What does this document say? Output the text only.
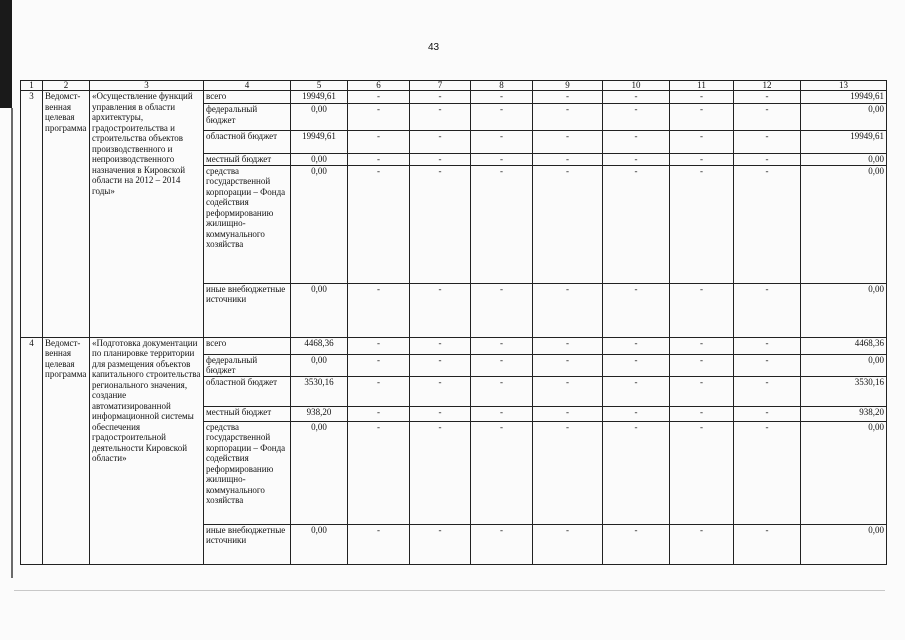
43
1	2	3	4	5	6	7	8	9	10	11	12	13
3	Ведомст-венная целевая программа	«Осуществление функций управления в области архитектуры, градостроительства и строительства объектов производственного и непроизводственного назначения в Кировской области на 2012 – 2014 годы»	всего	19949,61	-	-	-	-	-	-	-	19949,61
			федеральный бюджет	0,00	-	-	-	-	-	-	-	0,00
			областной бюджет	19949,61	-	-	-	-	-	-	-	19949,61
			местный бюджет	0,00	-	-	-	-	-	-	-	0,00
			средства государственной корпорации – Фонда содействия реформированию жилищно-коммунального хозяйства	0,00	-	-	-	-	-	-	-	0,00
			иные внебюджетные источники	0,00	-	-	-	-	-	-	-	0,00
4	Ведомст-венная целевая программа	«Подготовка документации по планировке территории для размещения объектов капитального строительства регионального значения, создание автоматизированной информационной системы обеспечения градостроительной деятельности Кировской области»	всего	4468,36	-	-	-	-	-	-	-	4468,36
			федеральный бюджет	0,00	-	-	-	-	-	-	-	0,00
			областной бюджет	3530,16	-	-	-	-	-	-	-	3530,16
			местный бюджет	938,20	-	-	-	-	-	-	-	938,20
			средства государственной корпорации – Фонда содействия реформированию жилищно-коммунального хозяйства	0,00	-	-	-	-	-	-	-	0,00
			иные внебюджетные источники	0,00	-	-	-	-	-	-	-	0,00
